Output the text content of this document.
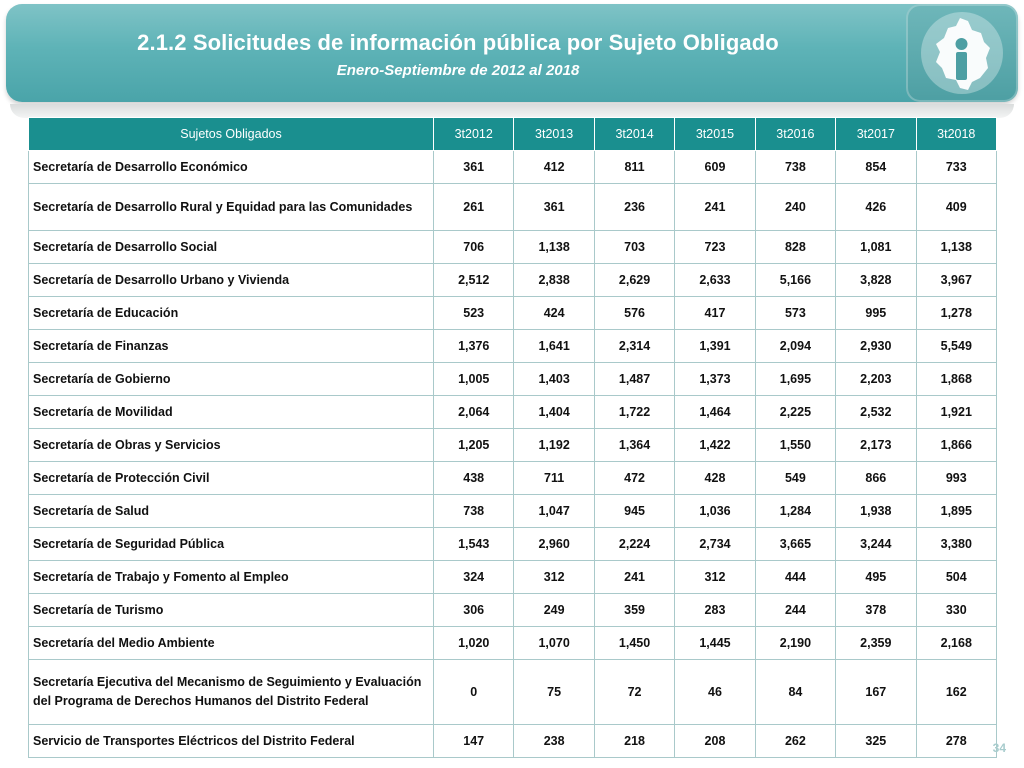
2.1.2 Solicitudes de información pública por Sujeto Obligado
Enero-Septiembre de 2012 al 2018
Sujetos Obligados	3t2012	3t2013	3t2014	3t2015	3t2016	3t2017	3t2018
Secretaría de Desarrollo Económico	361	412	811	609	738	854	733
Secretaría de Desarrollo Rural y Equidad para las Comunidades	261	361	236	241	240	426	409
Secretaría de Desarrollo Social	706	1,138	703	723	828	1,081	1,138
Secretaría de Desarrollo Urbano y Vivienda	2,512	2,838	2,629	2,633	5,166	3,828	3,967
Secretaría de Educación	523	424	576	417	573	995	1,278
Secretaría de Finanzas	1,376	1,641	2,314	1,391	2,094	2,930	5,549
Secretaría de Gobierno	1,005	1,403	1,487	1,373	1,695	2,203	1,868
Secretaría de Movilidad	2,064	1,404	1,722	1,464	2,225	2,532	1,921
Secretaría de Obras y Servicios	1,205	1,192	1,364	1,422	1,550	2,173	1,866
Secretaría de Protección Civil	438	711	472	428	549	866	993
Secretaría de Salud	738	1,047	945	1,036	1,284	1,938	1,895
Secretaría de Seguridad Pública	1,543	2,960	2,224	2,734	3,665	3,244	3,380
Secretaría de Trabajo y Fomento al Empleo	324	312	241	312	444	495	504
Secretaría de Turismo	306	249	359	283	244	378	330
Secretaría del Medio Ambiente	1,020	1,070	1,450	1,445	2,190	2,359	2,168
Secretaría Ejecutiva del Mecanismo de Seguimiento y Evaluación del Programa de Derechos Humanos del Distrito Federal	0	75	72	46	84	167	162
Servicio de Transportes Eléctricos del Distrito Federal	147	238	218	208	262	325	278 34
